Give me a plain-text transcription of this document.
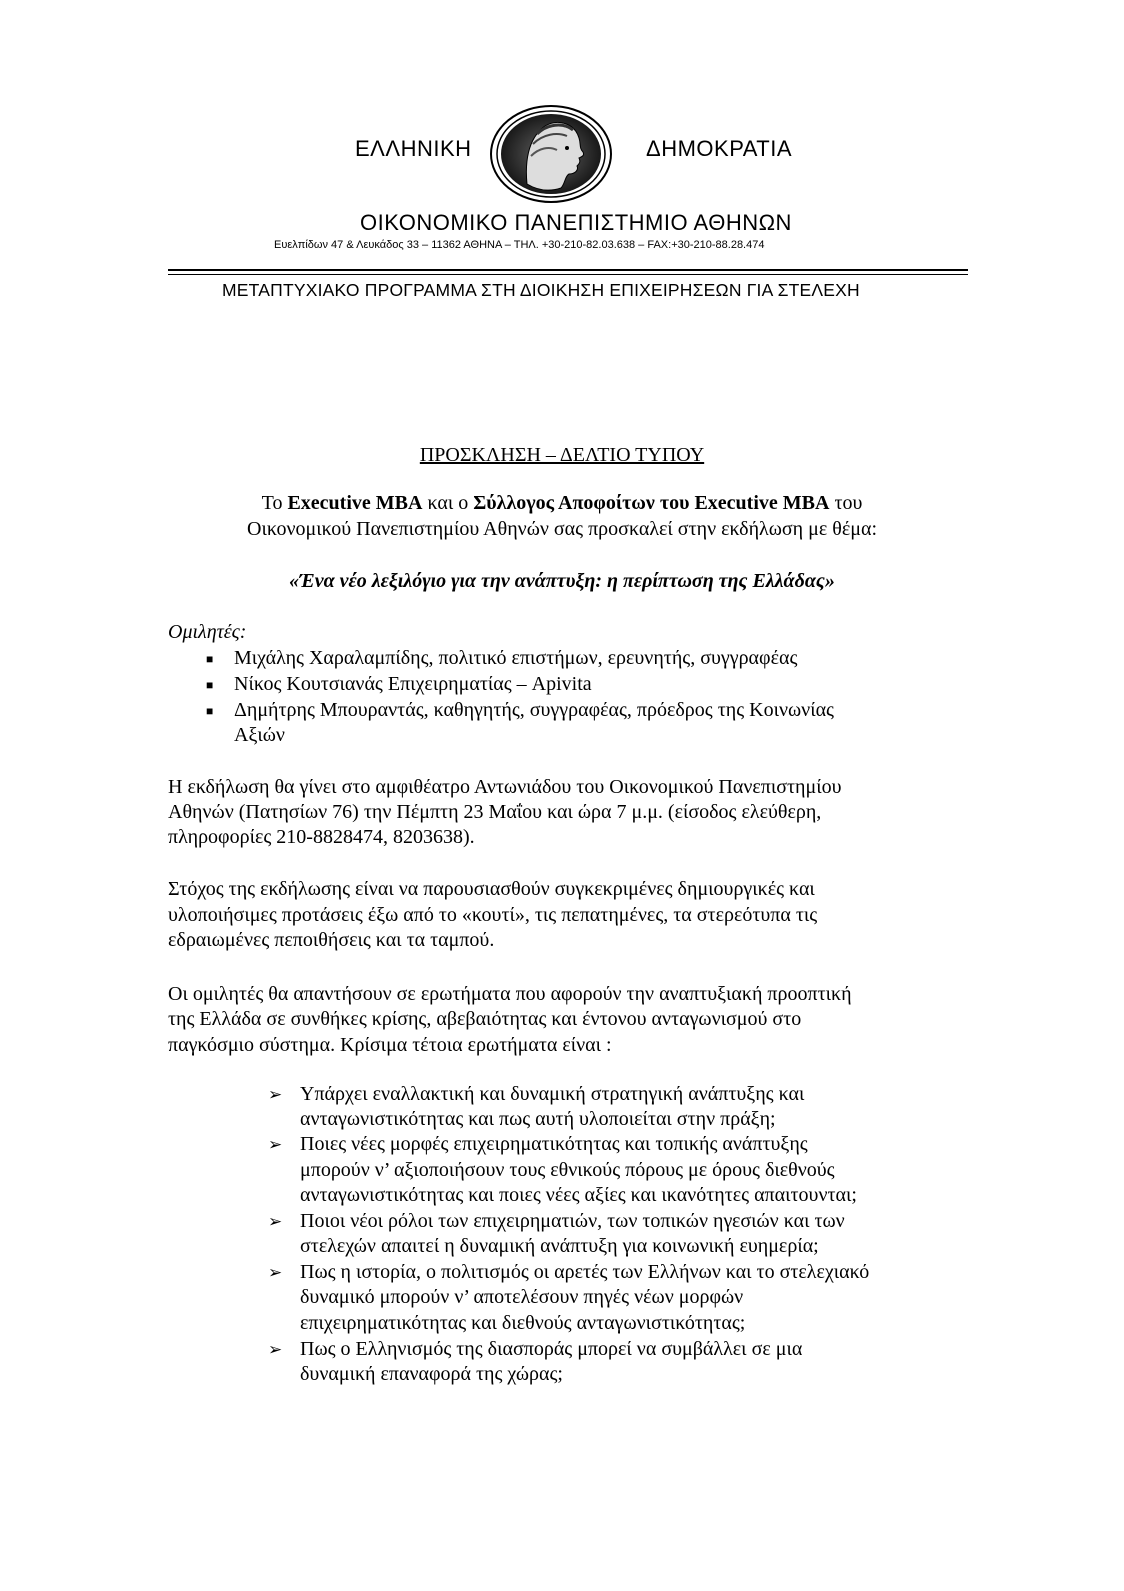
ΕΛΛΗΝΙΚΗ	ΔΗΜΟΚΡΑΤΙΑ
ΟΙΚΟΝΟΜΙΚΟ ΠΑΝΕΠΙΣΤΗΜΙΟ ΑΘΗΝΩΝ
Ευελπίδων 47 & Λευκάδος 33 – 11362 ΑΘΗΝΑ – ΤΗΛ. +30-210-82.03.638 – FAX:+30-210-88.28.474
ΜΕΤΑΠΤΥΧΙΑΚΟ ΠΡΟΓΡΑΜΜΑ ΣΤΗ ΔΙΟΙΚΗΣΗ ΕΠΙΧΕΙΡΗΣΕΩΝ ΓΙΑ ΣΤΕΛΕΧΗ
ΠΡΟΣΚΛΗΣΗ – ΔΕΛΤΙΟ ΤΥΠΟΥ
Το Executive MBA και ο Σύλλογος Αποφοίτων του Executive MBA του
Οικονομικού Πανεπιστημίου Αθηνών σας προσκαλεί στην εκδήλωση με θέμα:
«Ένα νέο λεξιλόγιο για την ανάπτυξη: η περίπτωση της Ελλάδας»
Ομιλητές:
■ Μιχάλης Χαραλαμπίδης, πολιτικό επιστήμων, ερευνητής, συγγραφέας
■ Νίκος Κουτσιανάς Επιχειρηματίας – Apivita
■ Δημήτρης Μπουραντάς, καθηγητής, συγγραφέας, πρόεδρος της Κοινωνίας
Αξιών
Η εκδήλωση θα γίνει στο αμφιθέατρο Αντωνιάδου του Οικονομικού Πανεπιστημίου
Αθηνών (Πατησίων 76) την Πέμπτη 23 Μαΐου και ώρα 7 μ.μ. (είσοδος ελεύθερη,
πληροφορίες 210-8828474, 8203638).
Στόχος της εκδήλωσης είναι να παρουσιασθούν συγκεκριμένες δημιουργικές και
υλοποιήσιμες προτάσεις έξω από το «κουτί», τις πεπατημένες, τα στερεότυπα τις
εδραιωμένες πεποιθήσεις και τα ταμπού.
Οι ομιλητές θα απαντήσουν σε ερωτήματα που αφορούν την αναπτυξιακή προοπτική
της Ελλάδα σε συνθήκες κρίσης, αβεβαιότητας και έντονου ανταγωνισμού στο
παγκόσμιο σύστημα. Κρίσιμα τέτοια ερωτήματα είναι :
➢ Υπάρχει εναλλακτική και δυναμική στρατηγική ανάπτυξης και
ανταγωνιστικότητας και πως αυτή υλοποιείται στην πράξη;
➢ Ποιες νέες μορφές επιχειρηματικότητας και τοπικής ανάπτυξης
μπορούν ν’ αξιοποιήσουν τους εθνικούς πόρους με όρους διεθνούς
ανταγωνιστικότητας και ποιες νέες αξίες και ικανότητες απαιτουνται;
➢ Ποιοι νέοι ρόλοι των επιχειρηματιών, των τοπικών ηγεσιών και των
στελεχών απαιτεί η δυναμική ανάπτυξη για κοινωνική ευημερία;
➢ Πως η ιστορία, ο πολιτισμός οι αρετές των Ελλήνων και το στελεχιακό
δυναμικό μπορούν ν’ αποτελέσουν πηγές νέων μορφών
επιχειρηματικότητας και διεθνούς ανταγωνιστικότητας;
➢ Πως ο Ελληνισμός της διασποράς μπορεί να συμβάλλει σε μια
δυναμική επαναφορά της χώρας;
